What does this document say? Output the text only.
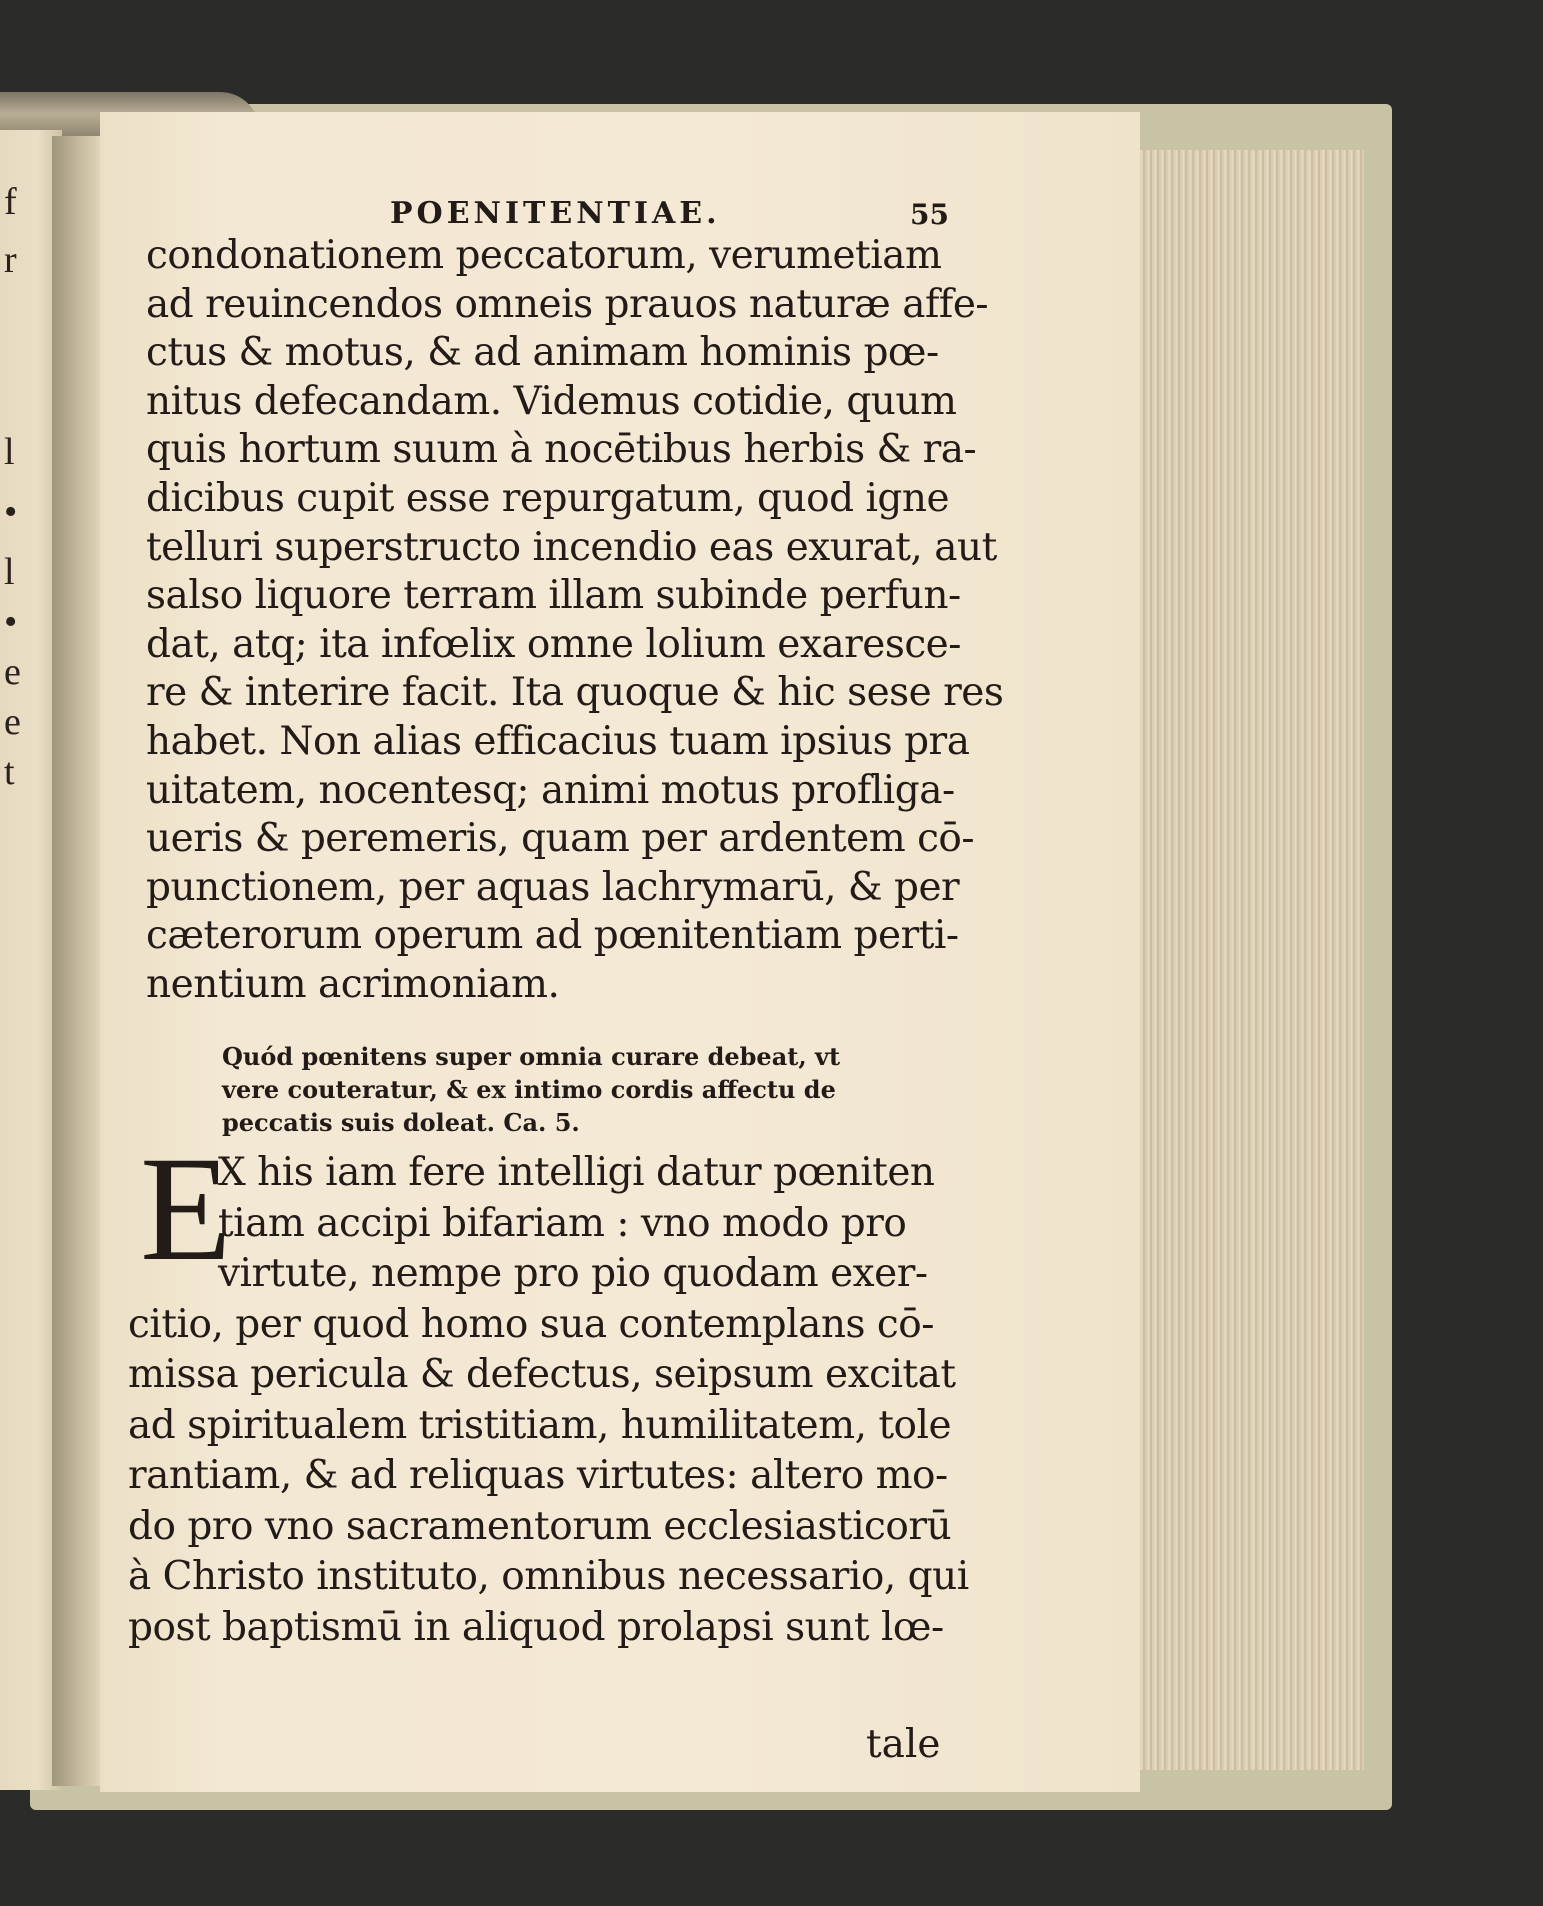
f
r
l
•
l
•
e
e
t
POENITENTIAE.	55
condonationem peccatorum, verumetiam
ad reuincendos omneis prauos naturæ affe-
ctus & motus, & ad animam hominis pœ-
nitus defecandam. Videmus cotidie, quum
quis hortum suum à nocētibus herbis & ra-
dicibus cupit esse repurgatum, quod igne
telluri superstructo incendio eas exurat, aut
salso liquore terram illam subinde perfun-
dat, atq; ita infœlix omne lolium exaresce-
re & interire facit. Ita quoque & hic sese res
habet. Non alias efficacius tuam ipsius pra
uitatem, nocentesq; animi motus profliga-
ueris & peremeris, quam per ardentem cō-
punctionem, per aquas lachrymarū, & per
cæterorum operum ad pœnitentiam perti-
nentium acrimoniam.
Quód pœnitens super omnia curare debeat, vt
vere couteratur, & ex intimo cordis affectu de
peccatis suis doleat. Ca. 5.
E
X his iam fere intelligi datur pœniten
tiam accipi bifariam : vno modo pro
virtute, nempe pro pio quodam exer-
citio, per quod homo sua contemplans cō-
missa pericula & defectus, seipsum excitat
ad spiritualem tristitiam, humilitatem, tole
rantiam, & ad reliquas virtutes: altero mo-
do pro vno sacramentorum ecclesiasticorū
à Christo instituto, omnibus necessario, qui
post baptismū in aliquod prolapsi sunt lœ-
tale
